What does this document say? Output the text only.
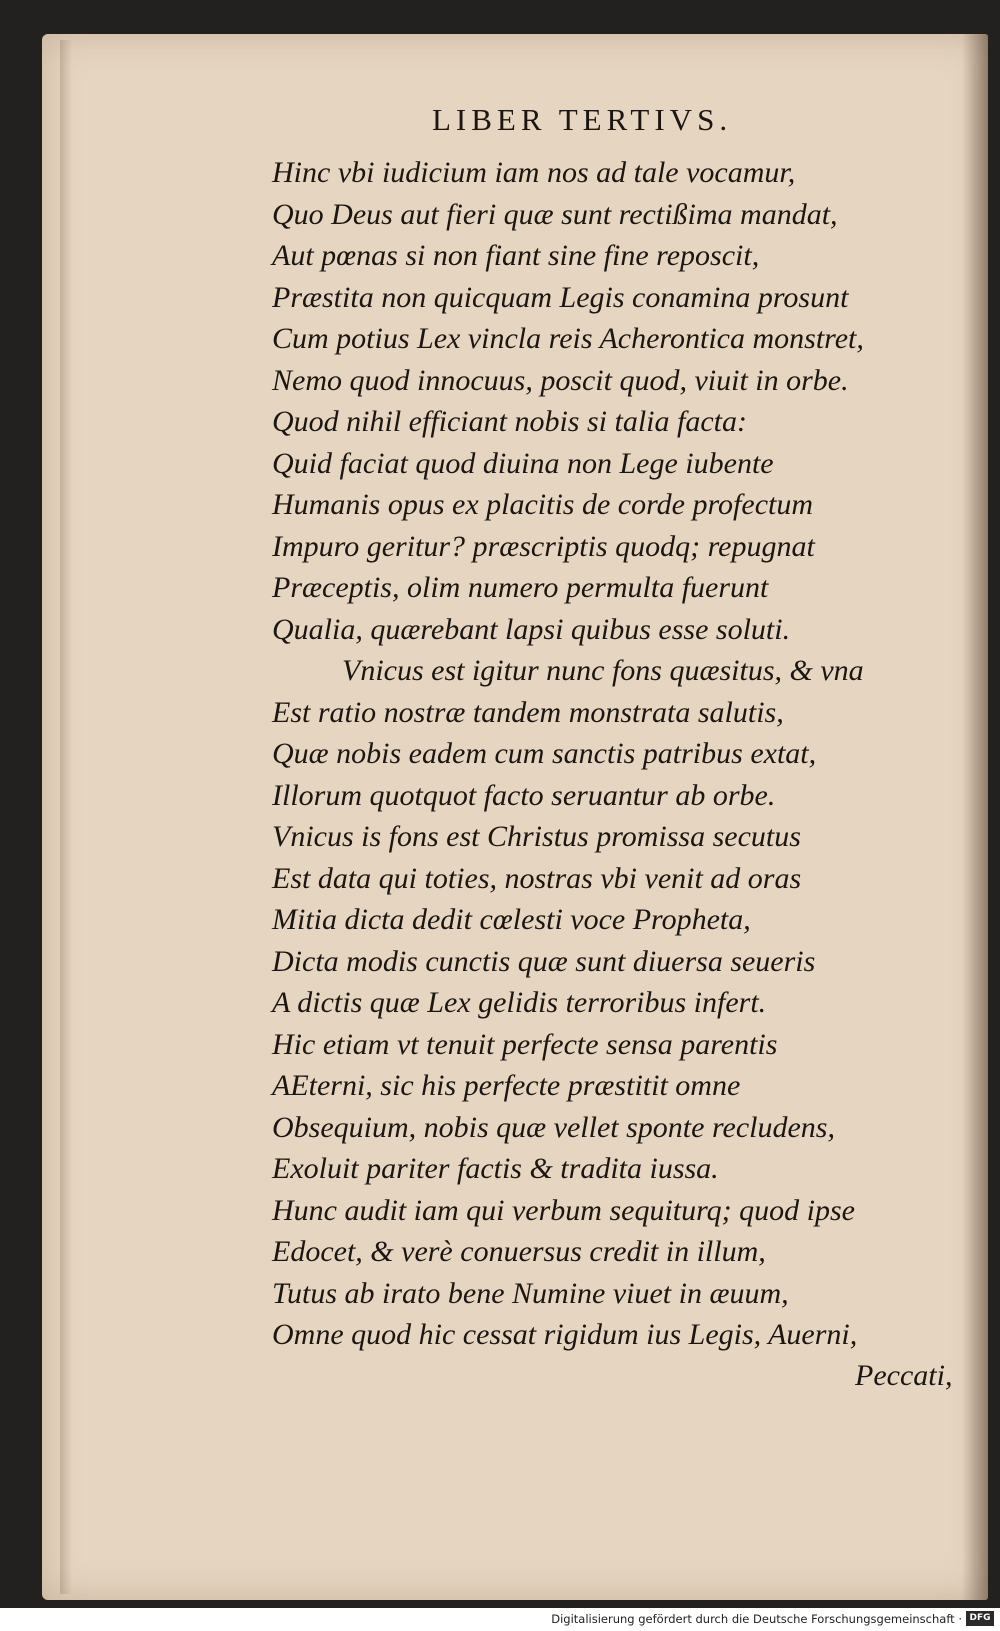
LIBER TERTIVS.
Hinc vbi iudicium iam nos ad tale vocamur,
Quo Deus aut fieri quæ sunt rectißima mandat,
Aut pœnas si non fiant sine fine reposcit,
Præstita non quicquam Legis conamina prosunt
Cum potius Lex vincla reis Acherontica monstret,
Nemo quod innocuus, poscit quod, viuit in orbe.
Quod nihil efficiant nobis si talia facta:
Quid faciat quod diuina non Lege iubente
Humanis opus ex placitis de corde profectum
Impuro geritur? præscriptis quodq; repugnat
Præceptis, olim numero permulta fuerunt
Qualia, quærebant lapsi quibus esse soluti.
Vnicus est igitur nunc fons quæsitus, & vna
Est ratio nostræ tandem monstrata salutis,
Quæ nobis eadem cum sanctis patribus extat,
Illorum quotquot facto seruantur ab orbe.
Vnicus is fons est Christus promissa secutus
Est data qui toties, nostras vbi venit ad oras
Mitia dicta dedit cœlesti voce Propheta,
Dicta modis cunctis quæ sunt diuersa seueris
A dictis quæ Lex gelidis terroribus infert.
Hic etiam vt tenuit perfecte sensa parentis
AEterni, sic his perfecte præstitit omne
Obsequium, nobis quæ vellet sponte recludens,
Exoluit pariter factis & tradita iussa.
Hunc audit iam qui verbum sequiturq; quod ipse
Edocet, & verè conuersus credit in illum,
Tutus ab irato bene Numine viuet in æuum,
Omne quod hic cessat rigidum ius Legis, Auerni,
Peccati,
Digitalisierung gefördert durch die Deutsche Forschungsgemeinschaft · DFG
